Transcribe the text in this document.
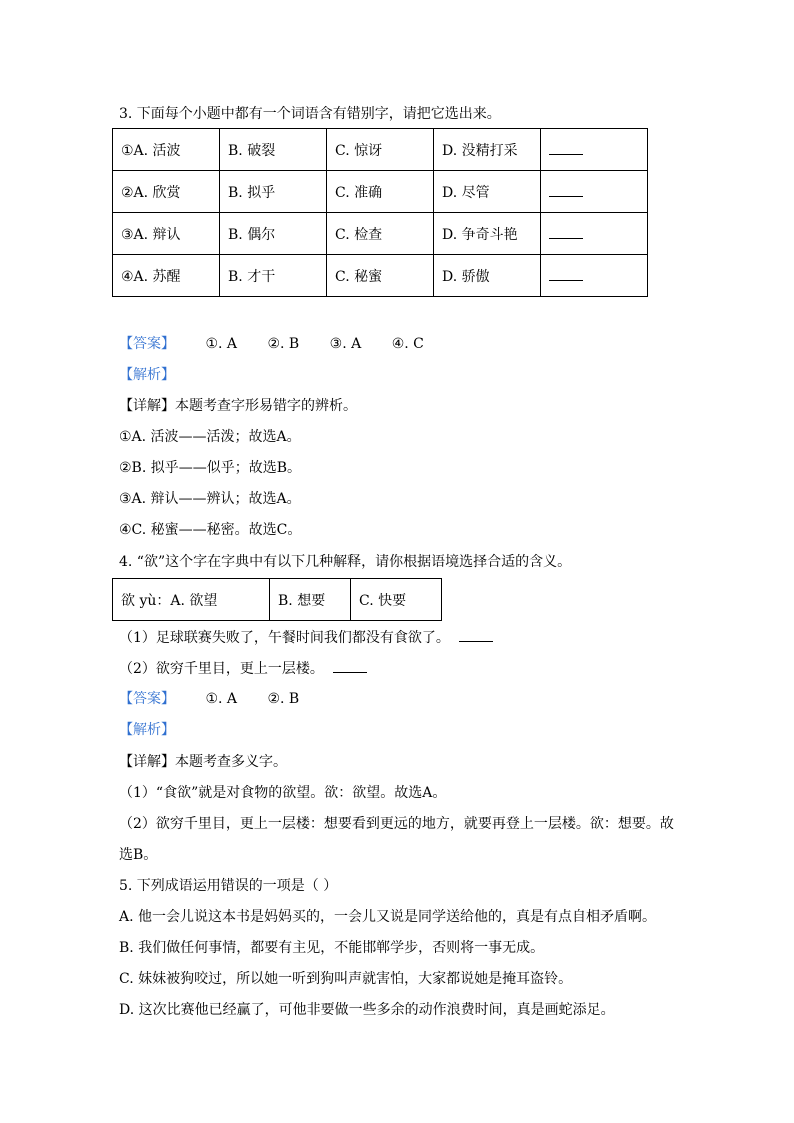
3. 下面每个小题中都有一个词语含有错别字，请把它选出来。
①A. 活波	B. 破裂	C. 惊讶	D. 没精打采	
②A. 欣赏	B. 拟乎	C. 准确	D. 尽管	
③A. 辩认	B. 偶尔	C. 检查	D. 争奇斗艳	
④A. 苏醒	B. 才干	C. 秘蜜	D. 骄傲	
【答案】 ①. A ②. B ③. A ④. C
【解析】
【详解】本题考查字形易错字的辨析。
①A. 活波——活泼；故选A。
②B. 拟乎——似乎；故选B。
③A. 辩认——辨认；故选A。
④C. 秘蜜——秘密。故选C。
4. “欲”这个字在字典中有以下几种解释，请你根据语境选择合适的含义。
欲 yù：A. 欲望	B. 想要	C. 快要
（1）足球联赛失败了，午餐时间我们都没有食欲了。
（2）欲穷千里目，更上一层楼。
【答案】 ①. A ②. B
【解析】
【详解】本题考查多义字。
（1）“食欲”就是对食物的欲望。欲：欲望。故选A。
（2）欲穷千里目，更上一层楼：想要看到更远的地方，就要再登上一层楼。欲：想要。故
选B。
5. 下列成语运用错误的一项是（ ）
A. 他一会儿说这本书是妈妈买的，一会儿又说是同学送给他的，真是有点自相矛盾啊。
B. 我们做任何事情，都要有主见，不能邯郸学步，否则将一事无成。
C. 妹妹被狗咬过，所以她一听到狗叫声就害怕，大家都说她是掩耳盗铃。
D. 这次比赛他已经赢了，可他非要做一些多余的动作浪费时间，真是画蛇添足。
